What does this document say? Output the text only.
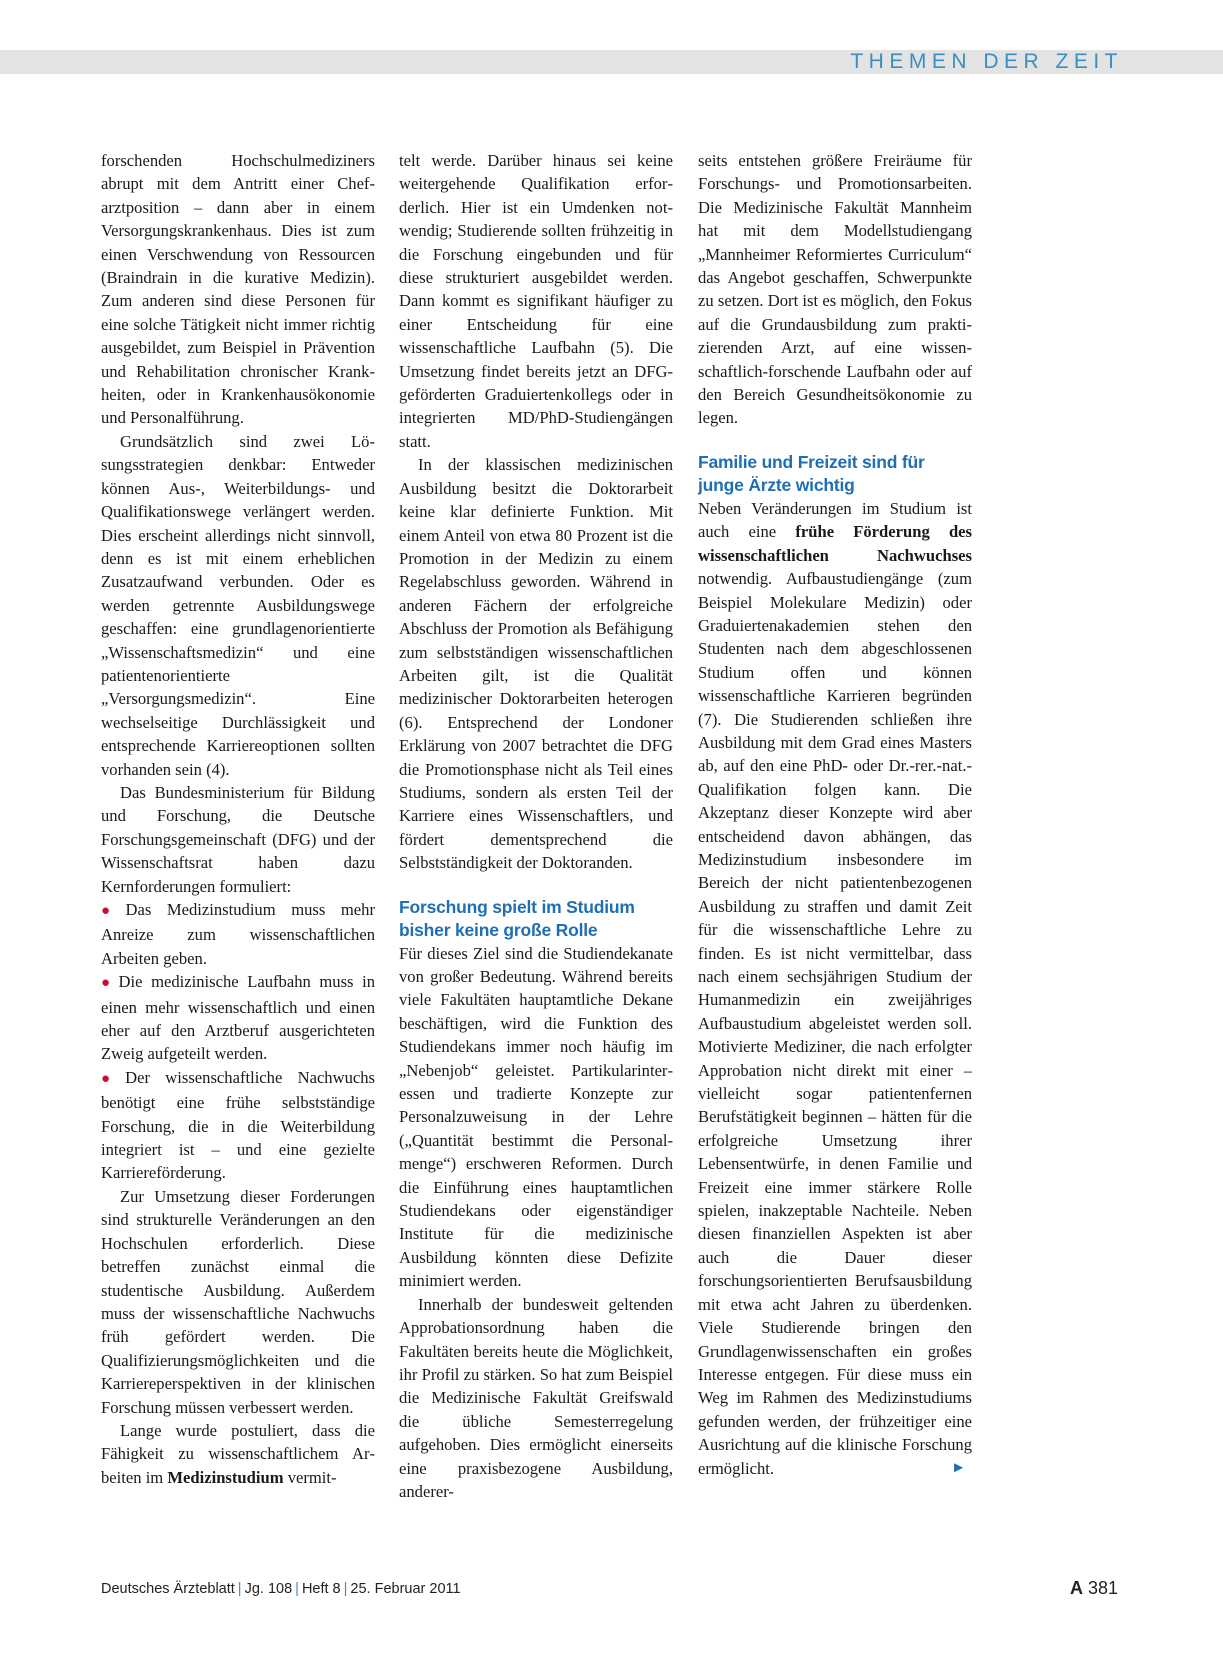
THEMEN DER ZEIT

forschenden Hochschulmediziners abrupt mit dem Antritt einer Chefarztposition – dann aber in einem Versorgungskrankenhaus. Dies ist zum einen Verschwendung von Ressourcen (Braindrain in die kurative Medizin). Zum anderen sind diese Personen für eine solche Tätigkeit nicht immer richtig ausgebildet, zum Beispiel in Prävention und Rehabilitation chronischer Krankheiten, oder in Krankenhausökonomie und Personalführung.

Grundsätzlich sind zwei Lösungsstrategien denkbar: Entweder können Aus-, Weiterbildungs- und Qualifikationswege verlängert werden. Dies erscheint allerdings nicht sinnvoll, denn es ist mit einem erheblichen Zusatzaufwand verbunden. Oder es werden getrennte Ausbildungswege geschaffen: eine grundlagenorientierte „Wissenschaftsmedizin“ und eine patientenorientierte „Versorgungsmedizin“. Eine wechselseitige Durchlässigkeit und entsprechende Karriereoptionen sollten vorhanden sein (4).

Das Bundesministerium für Bildung und Forschung, die Deutsche Forschungsgemeinschaft (DFG) und der Wissenschaftsrat haben dazu Kernforderungen formuliert:

● Das Medizinstudium muss mehr Anreize zum wissenschaftlichen Arbeiten geben.

● Die medizinische Laufbahn muss in einen mehr wissenschaftlich und einen eher auf den Arztberuf ausgerichteten Zweig aufgeteilt werden.

● Der wissenschaftliche Nachwuchs benötigt eine frühe selbstständige Forschung, die in die Weiterbildung integriert ist – und eine gezielte Karriereförderung.

Zur Umsetzung dieser Forderungen sind strukturelle Veränderungen an den Hochschulen erforderlich. Diese betreffen zunächst einmal die studentische Ausbildung. Außerdem muss der wissenschaftliche Nachwuchs früh gefördert werden. Die Qualifizierungsmöglichkeiten und die Karriereperspektiven in der klinischen Forschung müssen verbessert werden.

Lange wurde postuliert, dass die Fähigkeit zu wissenschaftlichem Arbeiten im Medizinstudium vermit-

telt werde. Darüber hinaus sei keine weitergehende Qualifikation erforderlich. Hier ist ein Umdenken notwendig; Studierende sollten frühzeitig in die Forschung eingebunden und für diese strukturiert ausgebildet werden. Dann kommt es signifikant häufiger zu einer Entscheidung für eine wissenschaftliche Laufbahn (5). Die Umsetzung findet bereits jetzt an DFG-geförderten Graduiertenkollegs oder in integrierten MD/PhD-Studiengängen statt.

In der klassischen medizinischen Ausbildung besitzt die Doktorarbeit keine klar definierte Funktion. Mit einem Anteil von etwa 80 Prozent ist die Promotion in der Medizin zu einem Regelabschluss geworden. Während in anderen Fächern der erfolgreiche Abschluss der Promotion als Befähigung zum selbstständigen wissenschaftlichen Arbeiten gilt, ist die Qualität medizinischer Doktorarbeiten heterogen (6). Entsprechend der Londoner Erklärung von 2007 betrachtet die DFG die Promotionsphase nicht als Teil eines Studiums, sondern als ersten Teil der Karriere eines Wissenschaftlers, und fördert dementsprechend die Selbstständigkeit der Doktoranden.

Forschung spielt im Studium bisher keine große Rolle

Für dieses Ziel sind die Studiendekanate von großer Bedeutung. Während bereits viele Fakultäten hauptamtliche Dekane beschäftigen, wird die Funktion des Studiendekans immer noch häufig im „Nebenjob“ geleistet. Partikularinteressen und tradierte Konzepte zur Personalzuweisung in der Lehre („Quantität bestimmt die Personalmenge“) erschweren Reformen. Durch die Einführung eines hauptamtlichen Studiendekans oder eigenständiger Institute für die medizinische Ausbildung könnten diese Defizite minimiert werden.

Innerhalb der bundesweit geltenden Approbationsordnung haben die Fakultäten bereits heute die Möglichkeit, ihr Profil zu stärken. So hat zum Beispiel die Medizinische Fakultät Greifswald die übliche Semesterregelung aufgehoben. Dies ermöglicht einerseits eine praxisbezogene Ausbildung, anderer-

seits entstehen größere Freiräume für Forschungs- und Promotionsarbeiten. Die Medizinische Fakultät Mannheim hat mit dem Modellstudiengang „Mannheimer Reformiertes Curriculum“ das Angebot geschaffen, Schwerpunkte zu setzen. Dort ist es möglich, den Fokus auf die Grundausbildung zum praktizierenden Arzt, auf eine wissenschaftlich-forschende Laufbahn oder auf den Bereich Gesundheitsökonomie zu legen.

Familie und Freizeit sind für junge Ärzte wichtig

Neben Veränderungen im Studium ist auch eine frühe Förderung des wissenschaftlichen Nachwuchses notwendig. Aufbaustudiengänge (zum Beispiel Molekulare Medizin) oder Graduiertenakademien stehen den Studenten nach dem abgeschlossenen Studium offen und können wissenschaftliche Karrieren begründen (7). Die Studierenden schließen ihre Ausbildung mit dem Grad eines Masters ab, auf den eine PhD- oder Dr.-rer.-nat.-Qualifikation folgen kann. Die Akzeptanz dieser Konzepte wird aber entscheidend davon abhängen, das Medizinstudium insbesondere im Bereich der nicht patientenbezogenen Ausbildung zu straffen und damit Zeit für die wissenschaftliche Lehre zu finden. Es ist nicht vermittelbar, dass nach einem sechsjährigen Studium der Humanmedizin ein zweijähriges Aufbaustudium abgeleistet werden soll. Motivierte Mediziner, die nach erfolgter Approbation nicht direkt mit einer – vielleicht sogar patientenfernen Berufstätigkeit beginnen – hätten für die erfolgreiche Umsetzung ihrer Lebensentwürfe, in denen Familie und Freizeit eine immer stärkere Rolle spielen, inakzeptable Nachteile. Neben diesen finanziellen Aspekten ist aber auch die Dauer dieser forschungsorientierten Berufsausbildung mit etwa acht Jahren zu überdenken. Viele Studierende bringen den Grundlagenwissenschaften ein großes Interesse entgegen. Für diese muss ein Weg im Rahmen des Medizinstudiums gefunden werden, der frühzeitiger eine Ausrichtung auf die klinische Forschung ermöglicht.	►

Deutsches Ärzteblatt | Jg. 108 | Heft 8 | 25. Februar 2011	A 381
